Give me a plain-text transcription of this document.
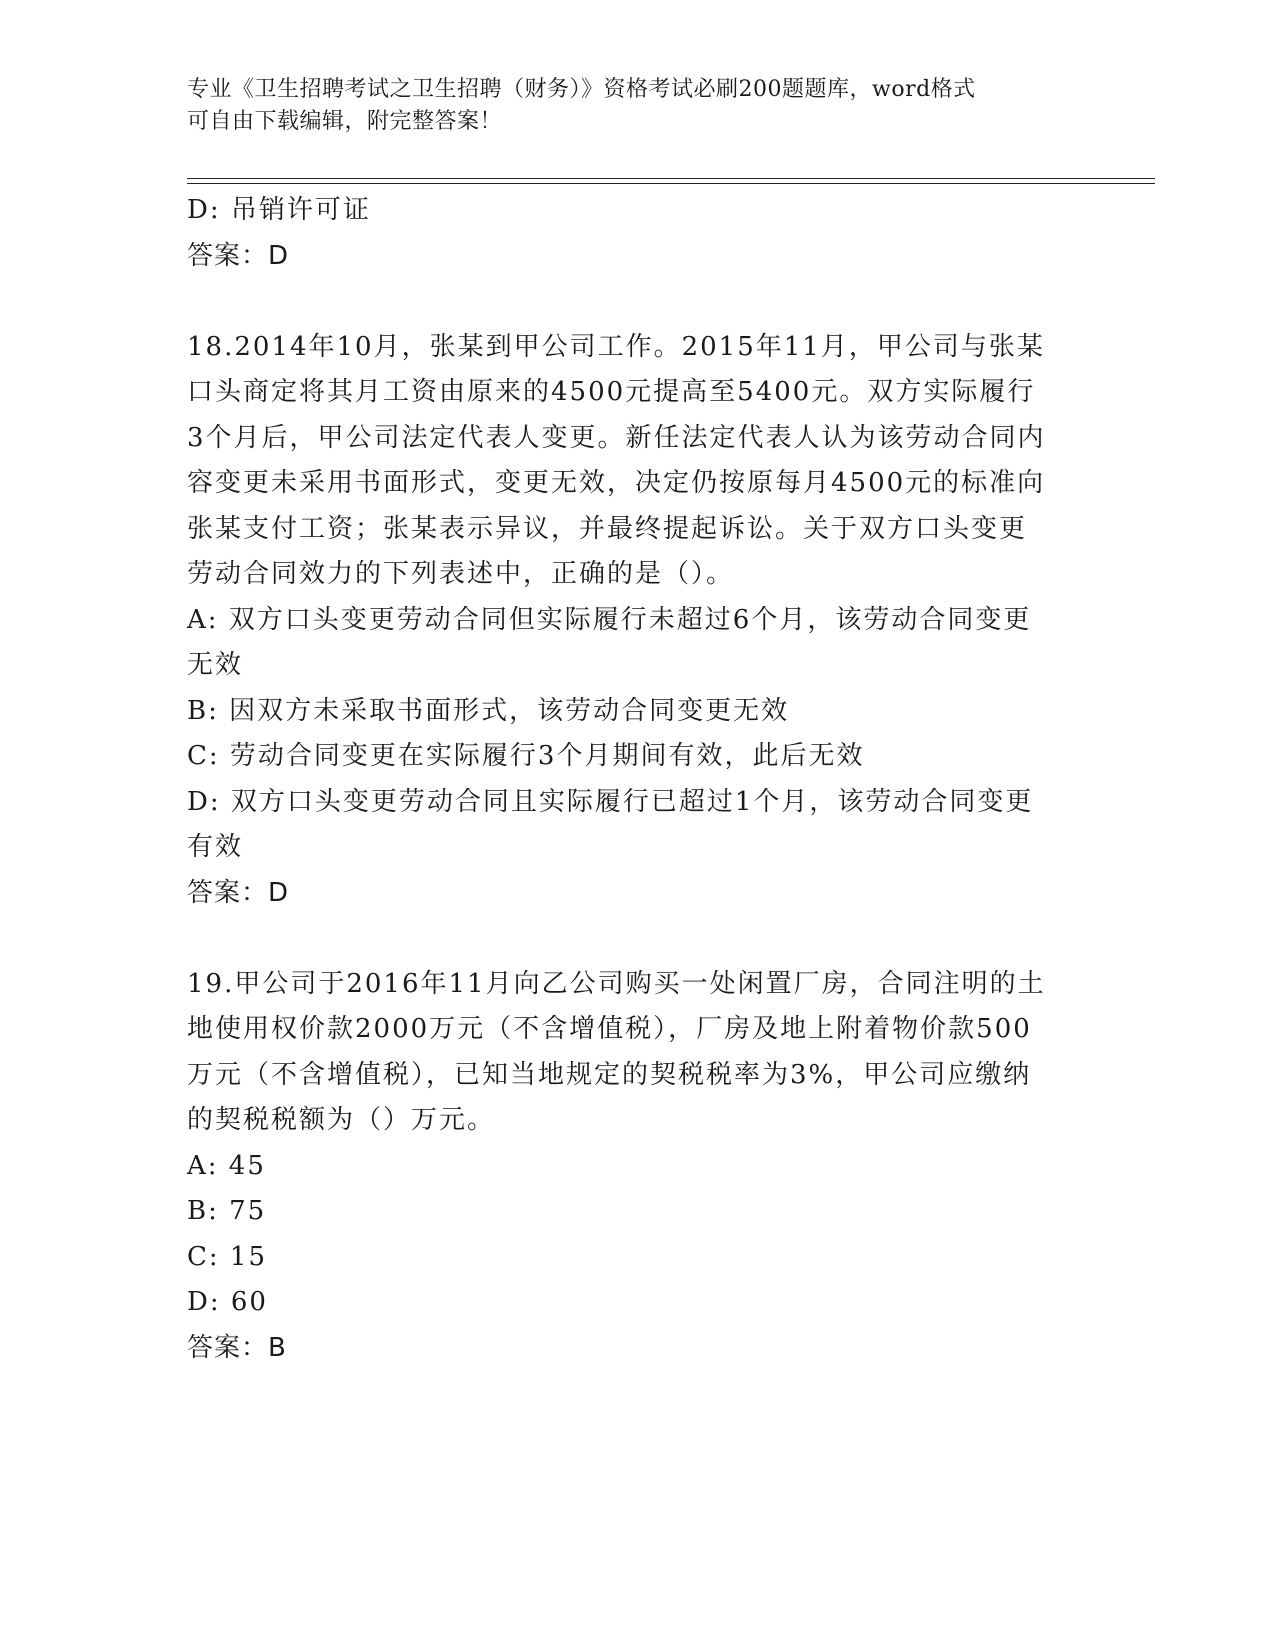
专业《卫生招聘考试之卫生招聘（财务）》资格考试必刷200题题库，word格式
可自由下载编辑，附完整答案！

D: 吊销许可证

答案：D

18.2014年10月，张某到甲公司工作。2015年11月，甲公司与张某

口头商定将其月工资由原来的4500元提高至5400元。双方实际履行

3个月后，甲公司法定代表人变更。新任法定代表人认为该劳动合同内

容变更未采用书面形式，变更无效，决定仍按原每月4500元的标准向

张某支付工资；张某表示异议，并最终提起诉讼。关于双方口头变更

劳动合同效力的下列表述中，正确的是（）。

A: 双方口头变更劳动合同但实际履行未超过6个月，该劳动合同变更

无效

B: 因双方未采取书面形式，该劳动合同变更无效

C: 劳动合同变更在实际履行3个月期间有效，此后无效

D: 双方口头变更劳动合同且实际履行已超过1个月，该劳动合同变更

有效

答案：D

19.甲公司于2016年11月向乙公司购买一处闲置厂房，合同注明的土

地使用权价款2000万元（不含增值税），厂房及地上附着物价款500

万元（不含增值税），已知当地规定的契税税率为3%，甲公司应缴纳

的契税税额为（）万元。

A: 45

B: 75

C: 15

D: 60

答案：B
